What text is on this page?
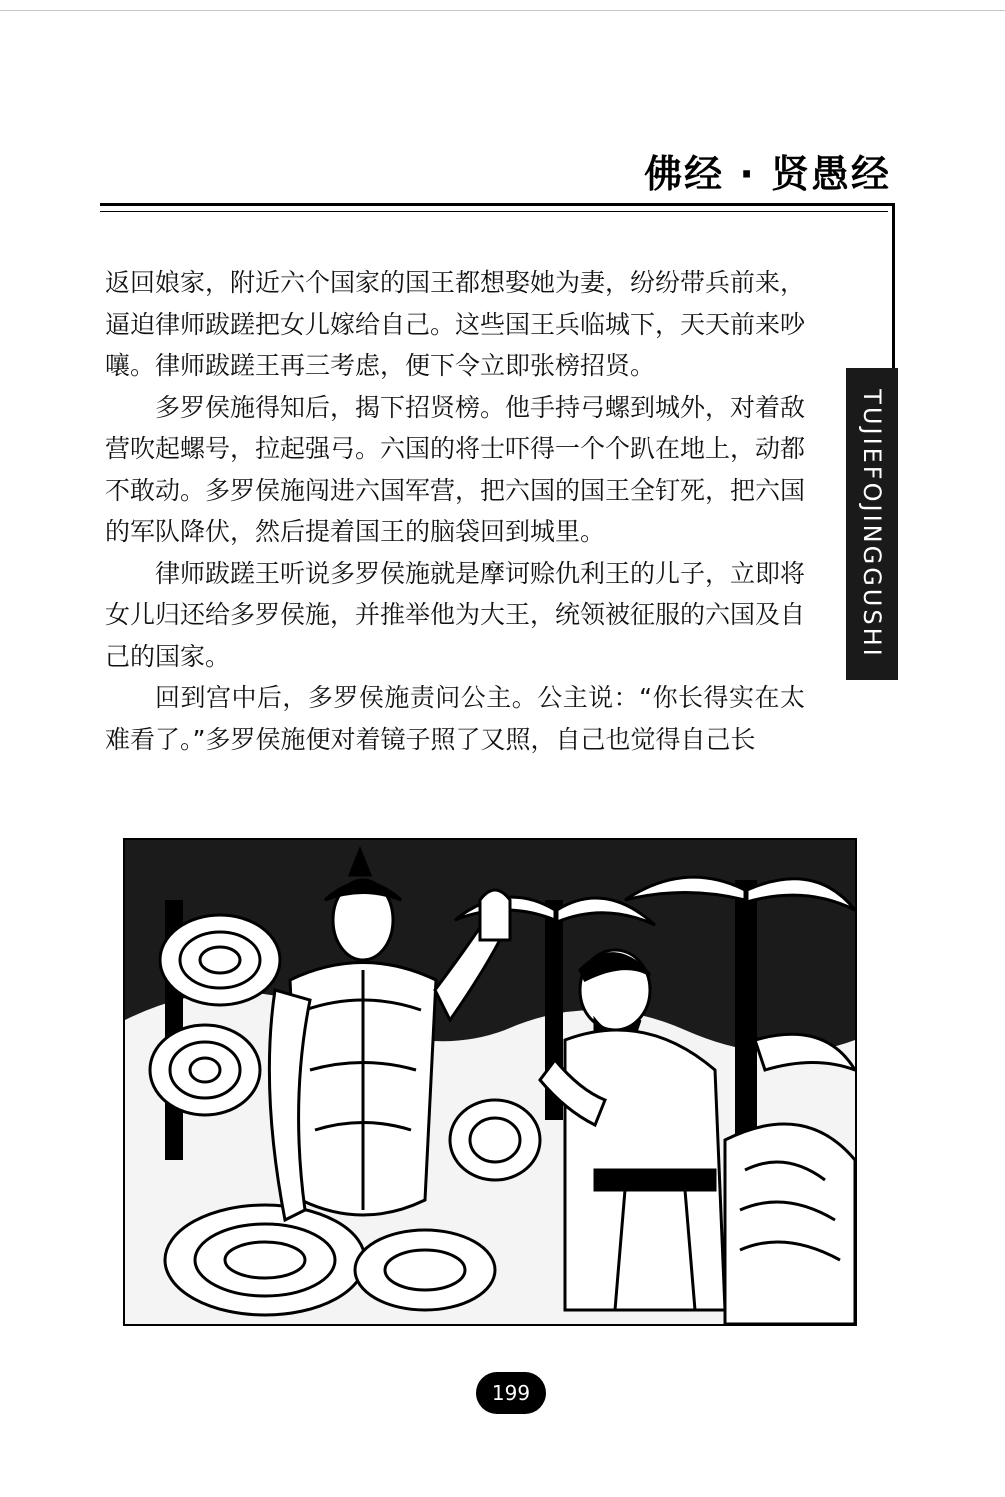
佛经 · 贤愚经
TUJIEFOJINGGUSHI

返回娘家，附近六个国家的国王都想娶她为妻，纷纷带兵前来，逼迫律师跋蹉把女儿嫁给自己。这些国王兵临城下，天天前来吵嚷。律师跋蹉王再三考虑，便下令立即张榜招贤。

多罗侯施得知后，揭下招贤榜。他手持弓螺到城外，对着敌营吹起螺号，拉起强弓。六国的将士吓得一个个趴在地上，动都不敢动。多罗侯施闯进六国军营，把六国的国王全钉死，把六国的军队降伏，然后提着国王的脑袋回到城里。

律师跋蹉王听说多罗侯施就是摩诃赊仇利王的儿子，立即将女儿归还给多罗侯施，并推举他为大王，统领被征服的六国及自己的国家。

回到宫中后，多罗侯施责问公主。公主说：“你长得实在太难看了。”多罗侯施便对着镜子照了又照，自己也觉得自己长

199
